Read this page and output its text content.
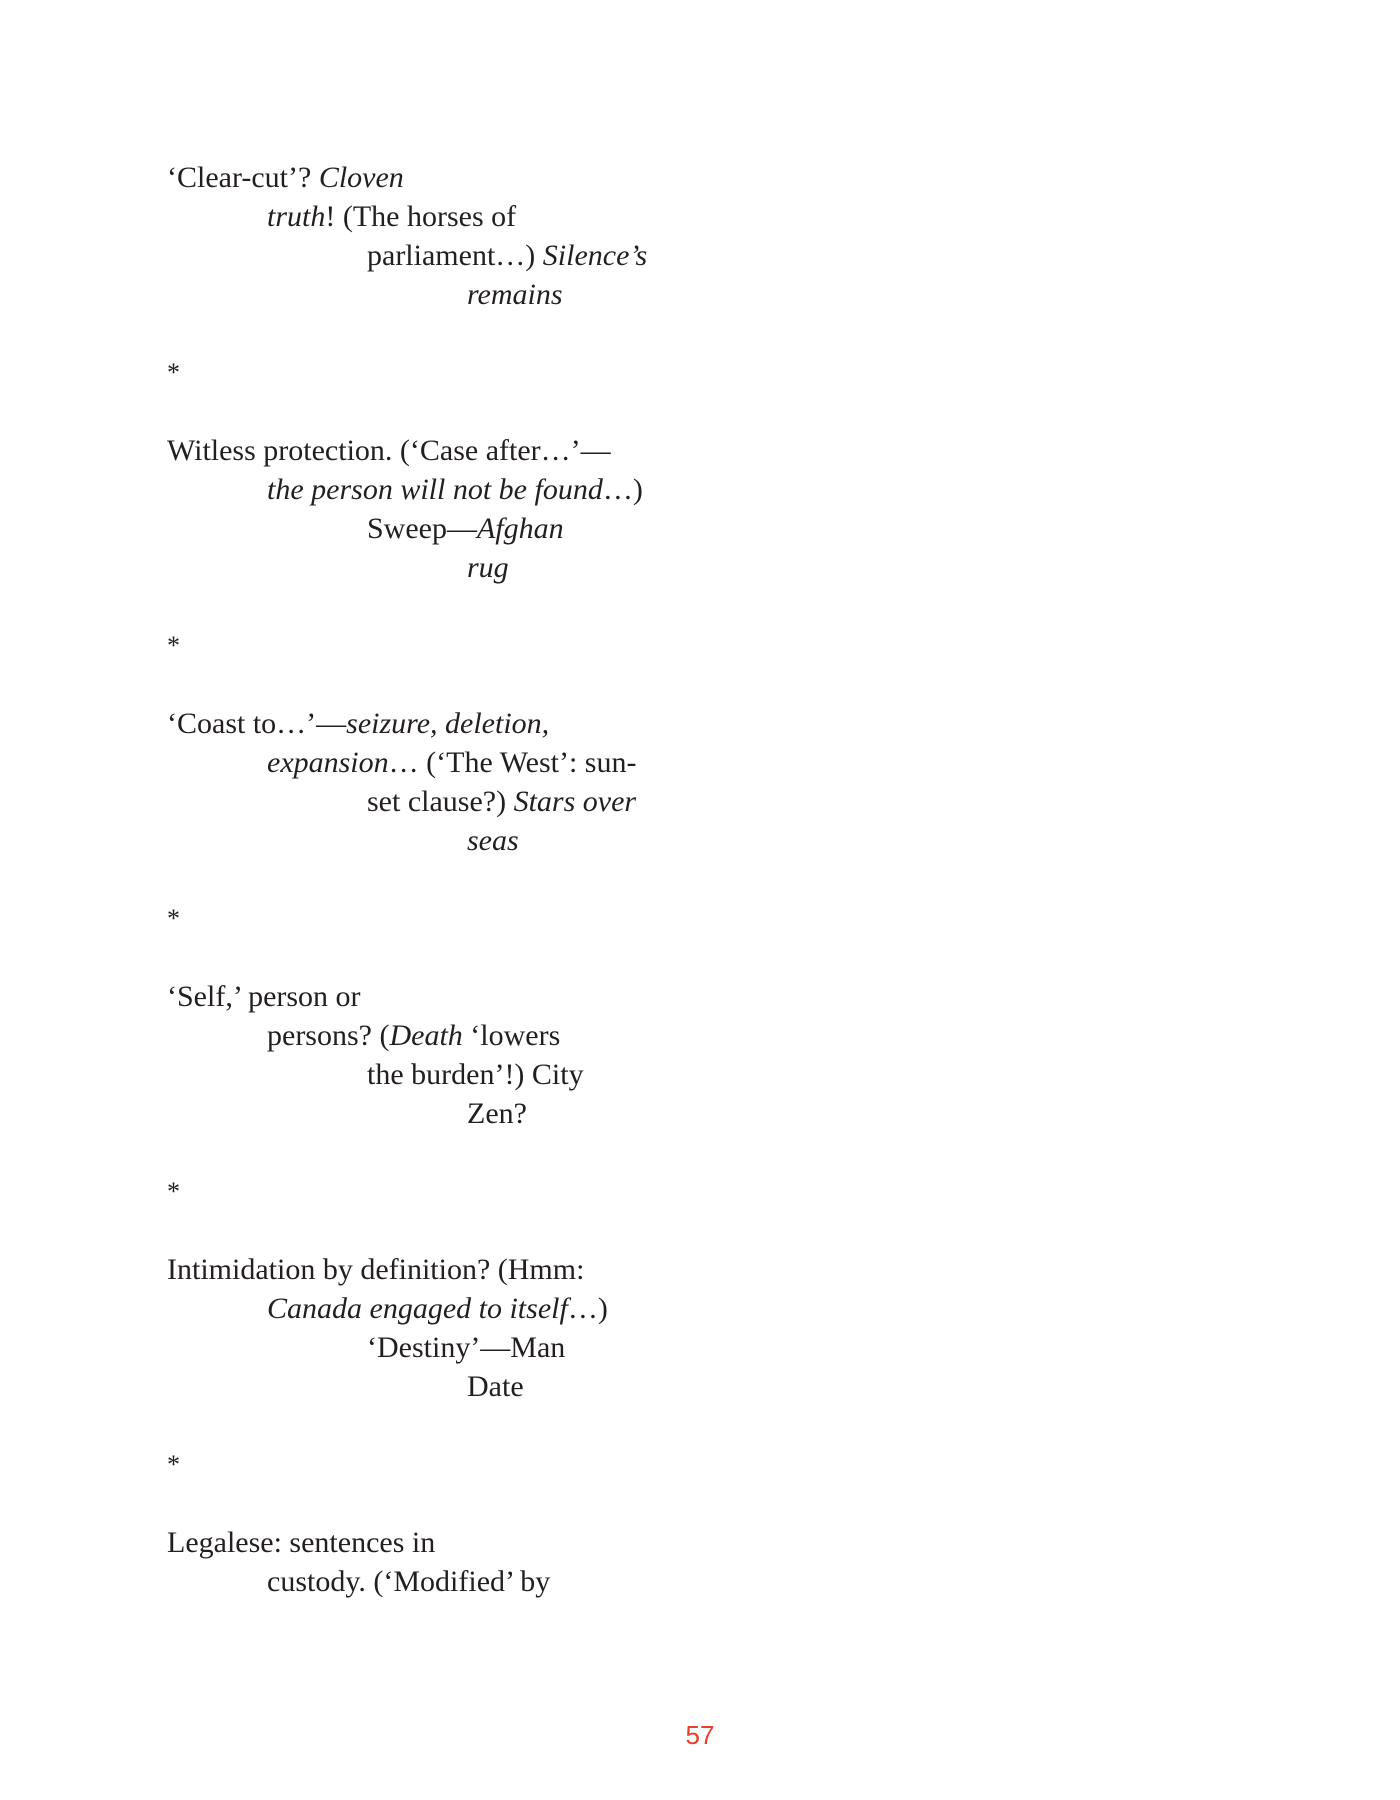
‘Clear-cut’? Cloven
truth! (The horses of
parliament…) Silence’s
remains
*
Witless protection. (‘Case after…’—
the person will not be found…)
Sweep—Afghan
rug
*
‘Coast to…’—seizure, deletion,
expansion… (‘The West’: sun-
set clause?) Stars over
seas
*
‘Self,’ person or
persons? (Death ‘lowers
the burden’!) City
Zen?
*
Intimidation by definition? (Hmm:
Canada engaged to itself…)
‘Destiny’—Man
Date
*
Legalese: sentences in
custody. (‘Modified’ by
57
